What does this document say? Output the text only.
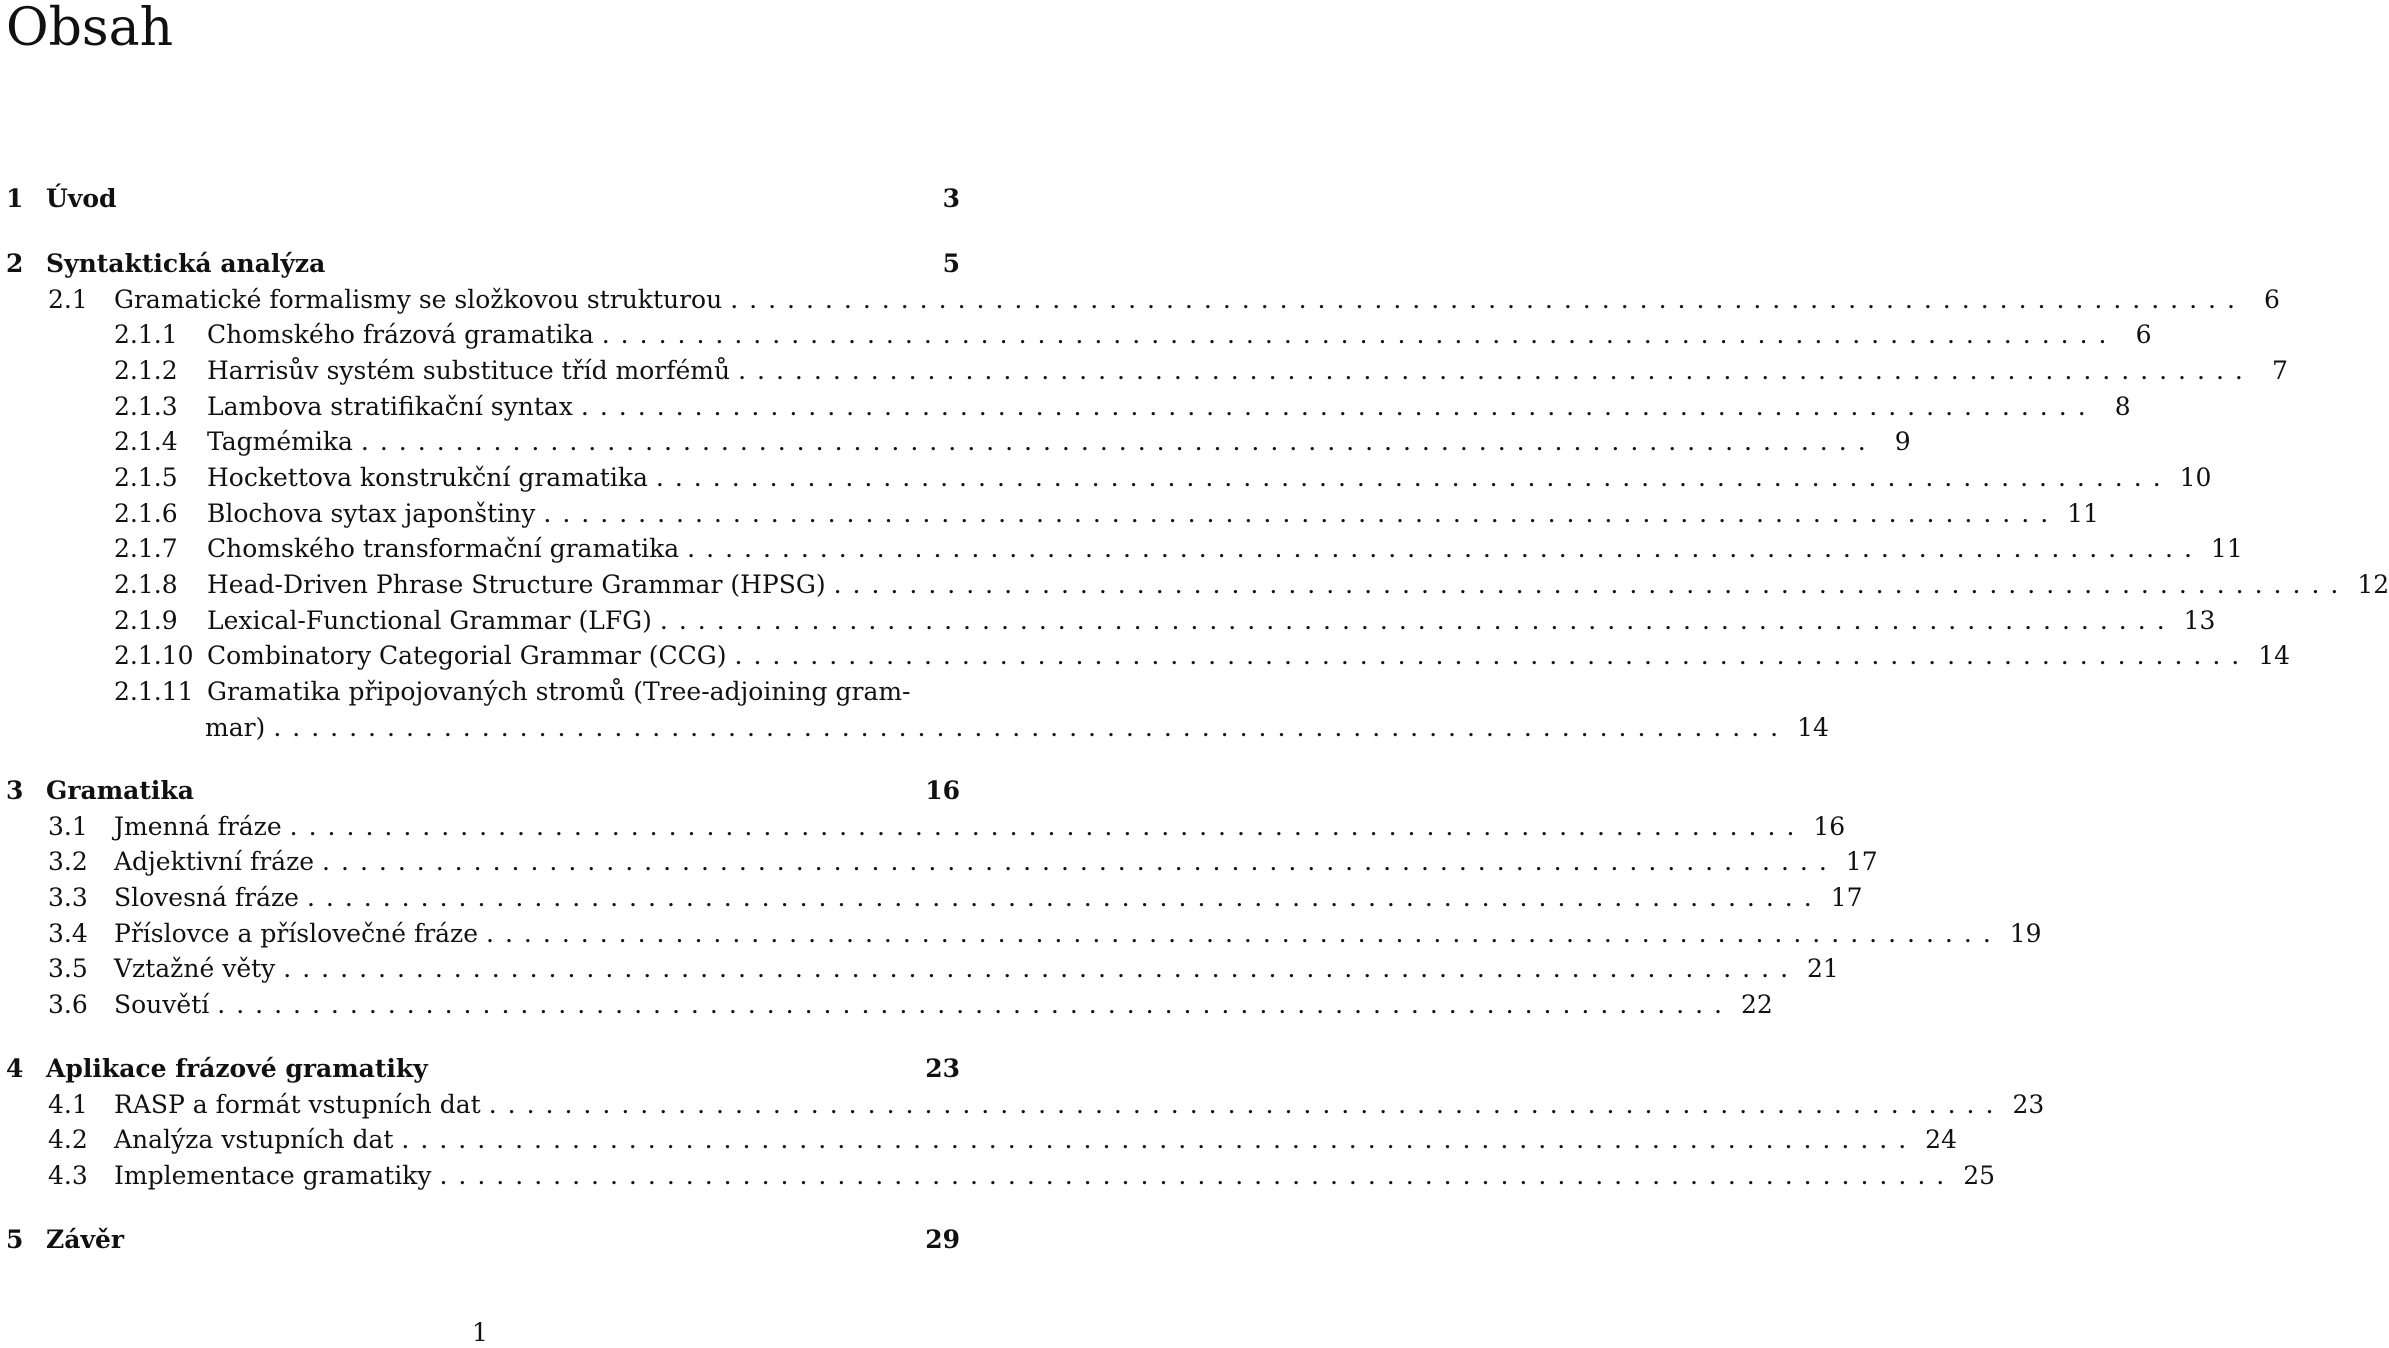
Obsah
1 Úvod	3
2 Syntaktická analýza	5
2.1	Gramatické formalismy se složkovou strukturou ................................................................................ 6
2.1.1	Chomského frázová gramatika ................................................................................ 6
2.1.2	Harrisův systém substituce tříd morfémů ................................................................................ 7
2.1.3	Lambova stratifikační syntax ................................................................................ 8
2.1.4	Tagmémika ................................................................................ 9
2.1.5	Hockettova konstrukční gramatika ................................................................................ 10
2.1.6	Blochova sytax japonštiny ................................................................................ 11
2.1.7	Chomského transformační gramatika ................................................................................ 11
2.1.8	Head-Driven Phrase Structure Grammar (HPSG) ................................................................................ 12
2.1.9	Lexical-Functional Grammar (LFG) ................................................................................ 13
2.1.10 Combinatory Categorial Grammar (CCG) ................................................................................ 14
2.1.11 Gramatika připojovaných stromů (Tree-adjoining gram-
mar) ................................................................................ 14
3 Gramatika	16
3.1	Jmenná fráze ................................................................................ 16
3.2	Adjektivní fráze ................................................................................ 17
3.3	Slovesná fráze ................................................................................ 17
3.4	Příslovce a příslovečné fráze ................................................................................ 19
3.5	Vztažné věty ................................................................................ 21
3.6	Souvětí ................................................................................ 22
4 Aplikace frázové gramatiky	23
4.1	RASP a formát vstupních dat ................................................................................ 23
4.2	Analýza vstupních dat ................................................................................ 24
4.3	Implementace gramatiky ................................................................................ 25
5 Závěr	29
1
